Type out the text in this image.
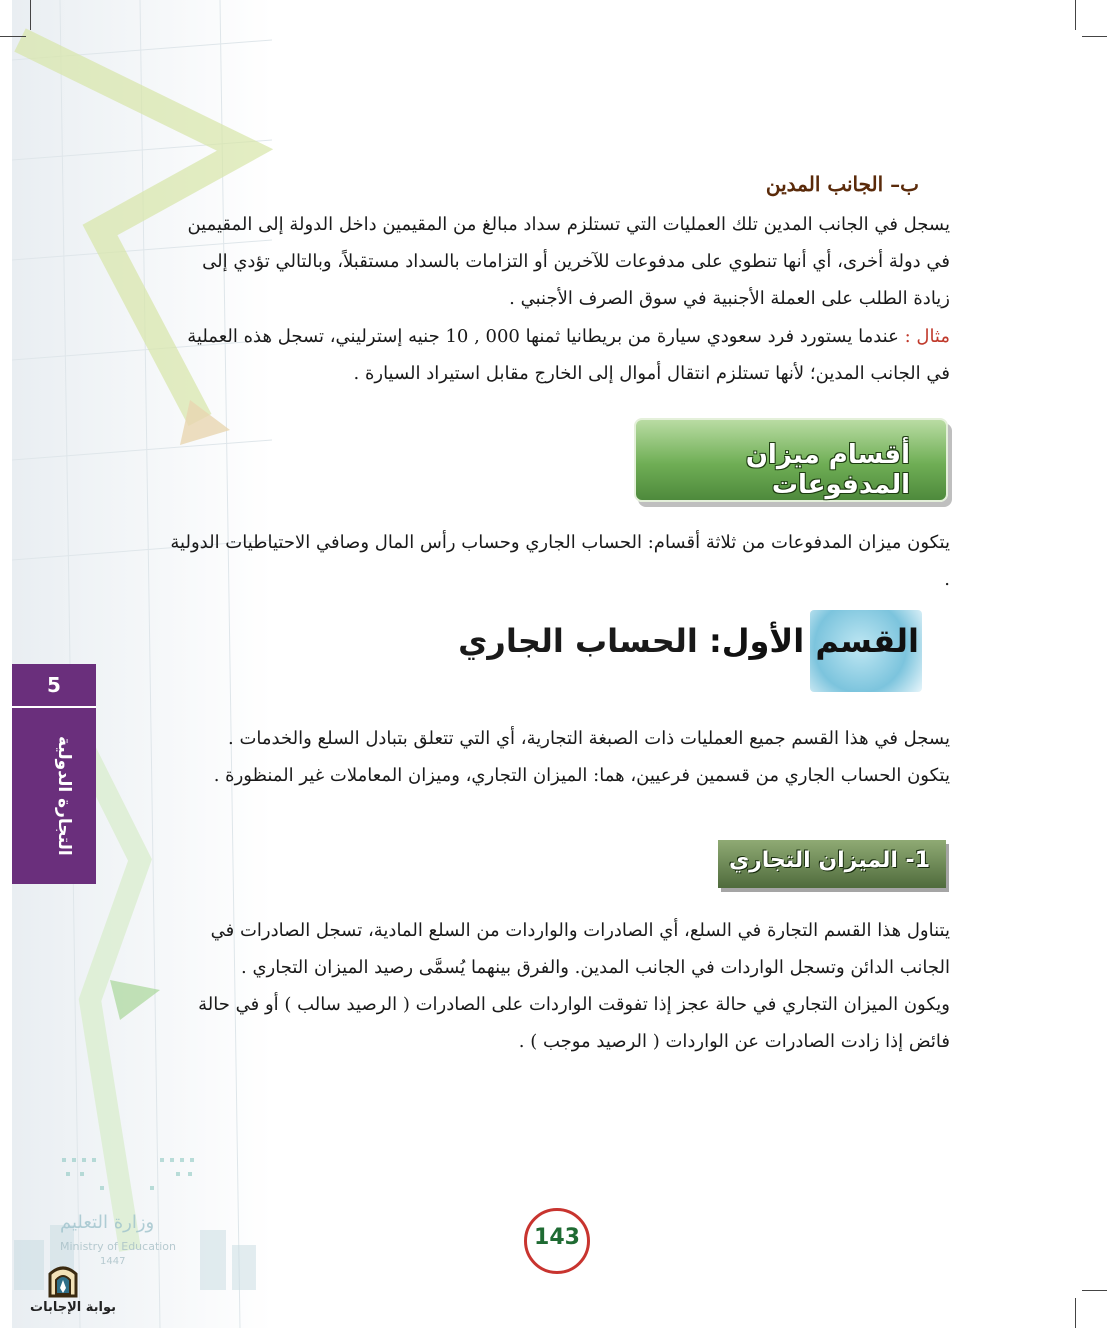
ب– الجانب المدين
يسجل في الجانب المدين تلك العمليات التي تستلزم سداد مبالغ من المقيمين داخل الدولة إلى المقيمين في دولة أخرى، أي أنها تنطوي على مدفوعات للآخرين أو التزامات بالسداد مستقبلاً، وبالتالي تؤدي إلى زيادة الطلب على العملة الأجنبية في سوق الصرف الأجنبي .
مثال : عندما يستورد فرد سعودي سيارة من بريطانيا ثمنها 000 , 10 جنيه إسترليني، تسجل هذه العملية في الجانب المدين؛ لأنها تستلزم انتقال أموال إلى الخارج مقابل استيراد السيارة .
أقسام ميزان المدفوعات
يتكون ميزان المدفوعات من ثلاثة أقسام: الحساب الجاري وحساب رأس المال وصافي الاحتياطيات الدولية .
القسم الأول: الحساب الجاري
يسجل في هذا القسم جميع العمليات ذات الصبغة التجارية، أي التي تتعلق بتبادل السلع والخدمات .
يتكون الحساب الجاري من قسمين فرعيين، هما: الميزان التجاري، وميزان المعاملات غير المنظورة .
1- الميزان التجاري
يتناول هذا القسم التجارة في السلع، أي الصادرات والواردات من السلع المادية، تسجل الصادرات في الجانب الدائن وتسجل الواردات في الجانب المدين. والفرق بينهما يُسمَّى رصيد الميزان التجاري .
ويكون الميزان التجاري في حالة عجز إذا تفوقت الواردات على الصادرات ( الرصيد سالب ) أو في حالة فائض إذا زادت الصادرات عن الواردات ( الرصيد موجب ) .
5
التجارة الدولية
143
وزارة التعليم
Ministry of Education
1447
بوابة الإجابات
